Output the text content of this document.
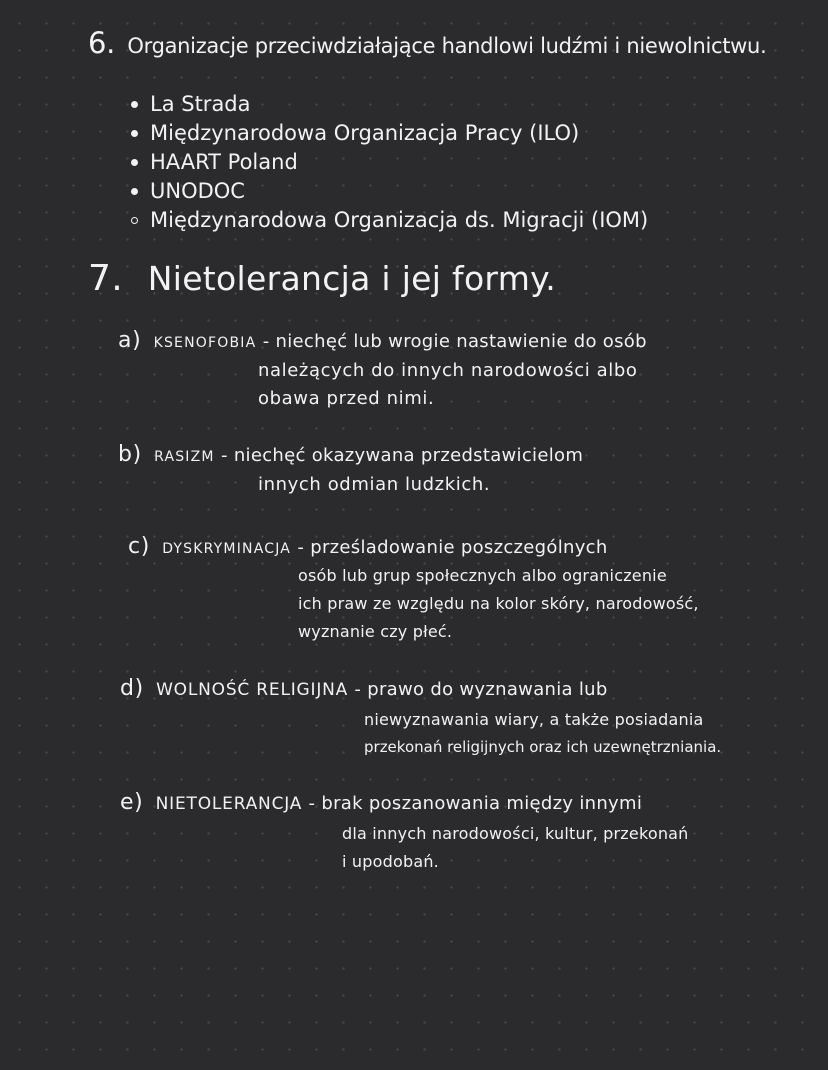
6. Organizacje przeciwdziałające handlowi ludźmi i niewolnictwu.
La Strada
Międzynarodowa Organizacja Pracy (ILO)
HAART Poland
UNODOC
Międzynarodowa Organizacja ds. Migracji (IOM)
7. Nietolerancja i jej formy.
a) KSENOFOBIA - niechęć lub wrogie nastawienie do osób
należących do innych narodowości albo
obawa przed nimi.
b) RASIZM - niechęć okazywana przedstawicielom
innych odmian ludzkich.
c) DYSKRYMINACJA - prześladowanie poszczególnych
osób lub grup społecznych albo ograniczenie
ich praw ze względu na kolor skóry, narodowość,
wyznanie czy płeć.
d) WOLNOŚĆ RELIGIJNA - prawo do wyznawania lub
niewyznawania wiary, a także posiadania
przekonań religijnych oraz ich uzewnętrzniania.
e) NIETOLERANCJA - brak poszanowania między innymi
dla innych narodowości, kultur, przekonań
i upodobań.
